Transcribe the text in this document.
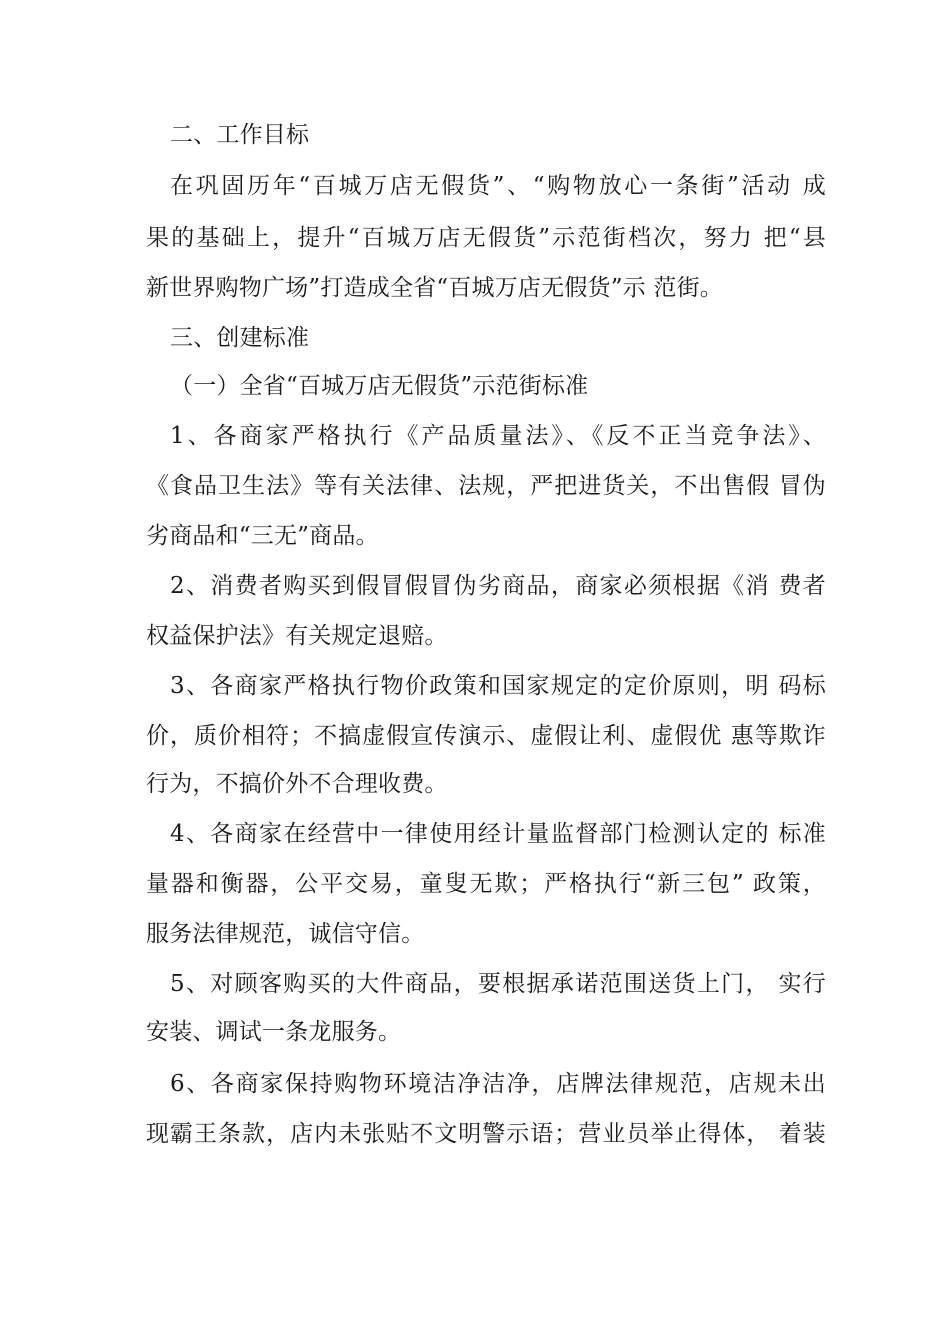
二、工作目标
在巩固历年“百城万店无假货”、“购物放心一条街”活动 成
果的基础上，提升“百城万店无假货”示范街档次，努力 把“县
新世界购物广场”打造成全省“百城万店无假货”示 范街。
三、创建标准
（一）全省“百城万店无假货”示范街标准
1、各商家严格执行《产品质量法》、《反不正当竞争法》、
《食品卫生法》等有关法律、法规，严把进货关，不出售假 冒伪
劣商品和“三无”商品。
2、消费者购买到假冒假冒伪劣商品，商家必须根据《消 费者
权益保护法》有关规定退赔。
3、各商家严格执行物价政策和国家规定的定价原则，明 码标
价，质价相符；不搞虚假宣传演示、虚假让利、虚假优 惠等欺诈
行为，不搞价外不合理收费。
4、各商家在经营中一律使用经计量监督部门检测认定的 标准
量器和衡器，公平交易，童叟无欺；严格执行“新三包” 政策，
服务法律规范，诚信守信。
5、对顾客购买的大件商品，要根据承诺范围送货上门， 实行
安装、调试一条龙服务。
6、各商家保持购物环境洁净洁净，店牌法律规范，店规未出
现霸王条款，店内未张贴不文明警示语；营业员举止得体， 着装
